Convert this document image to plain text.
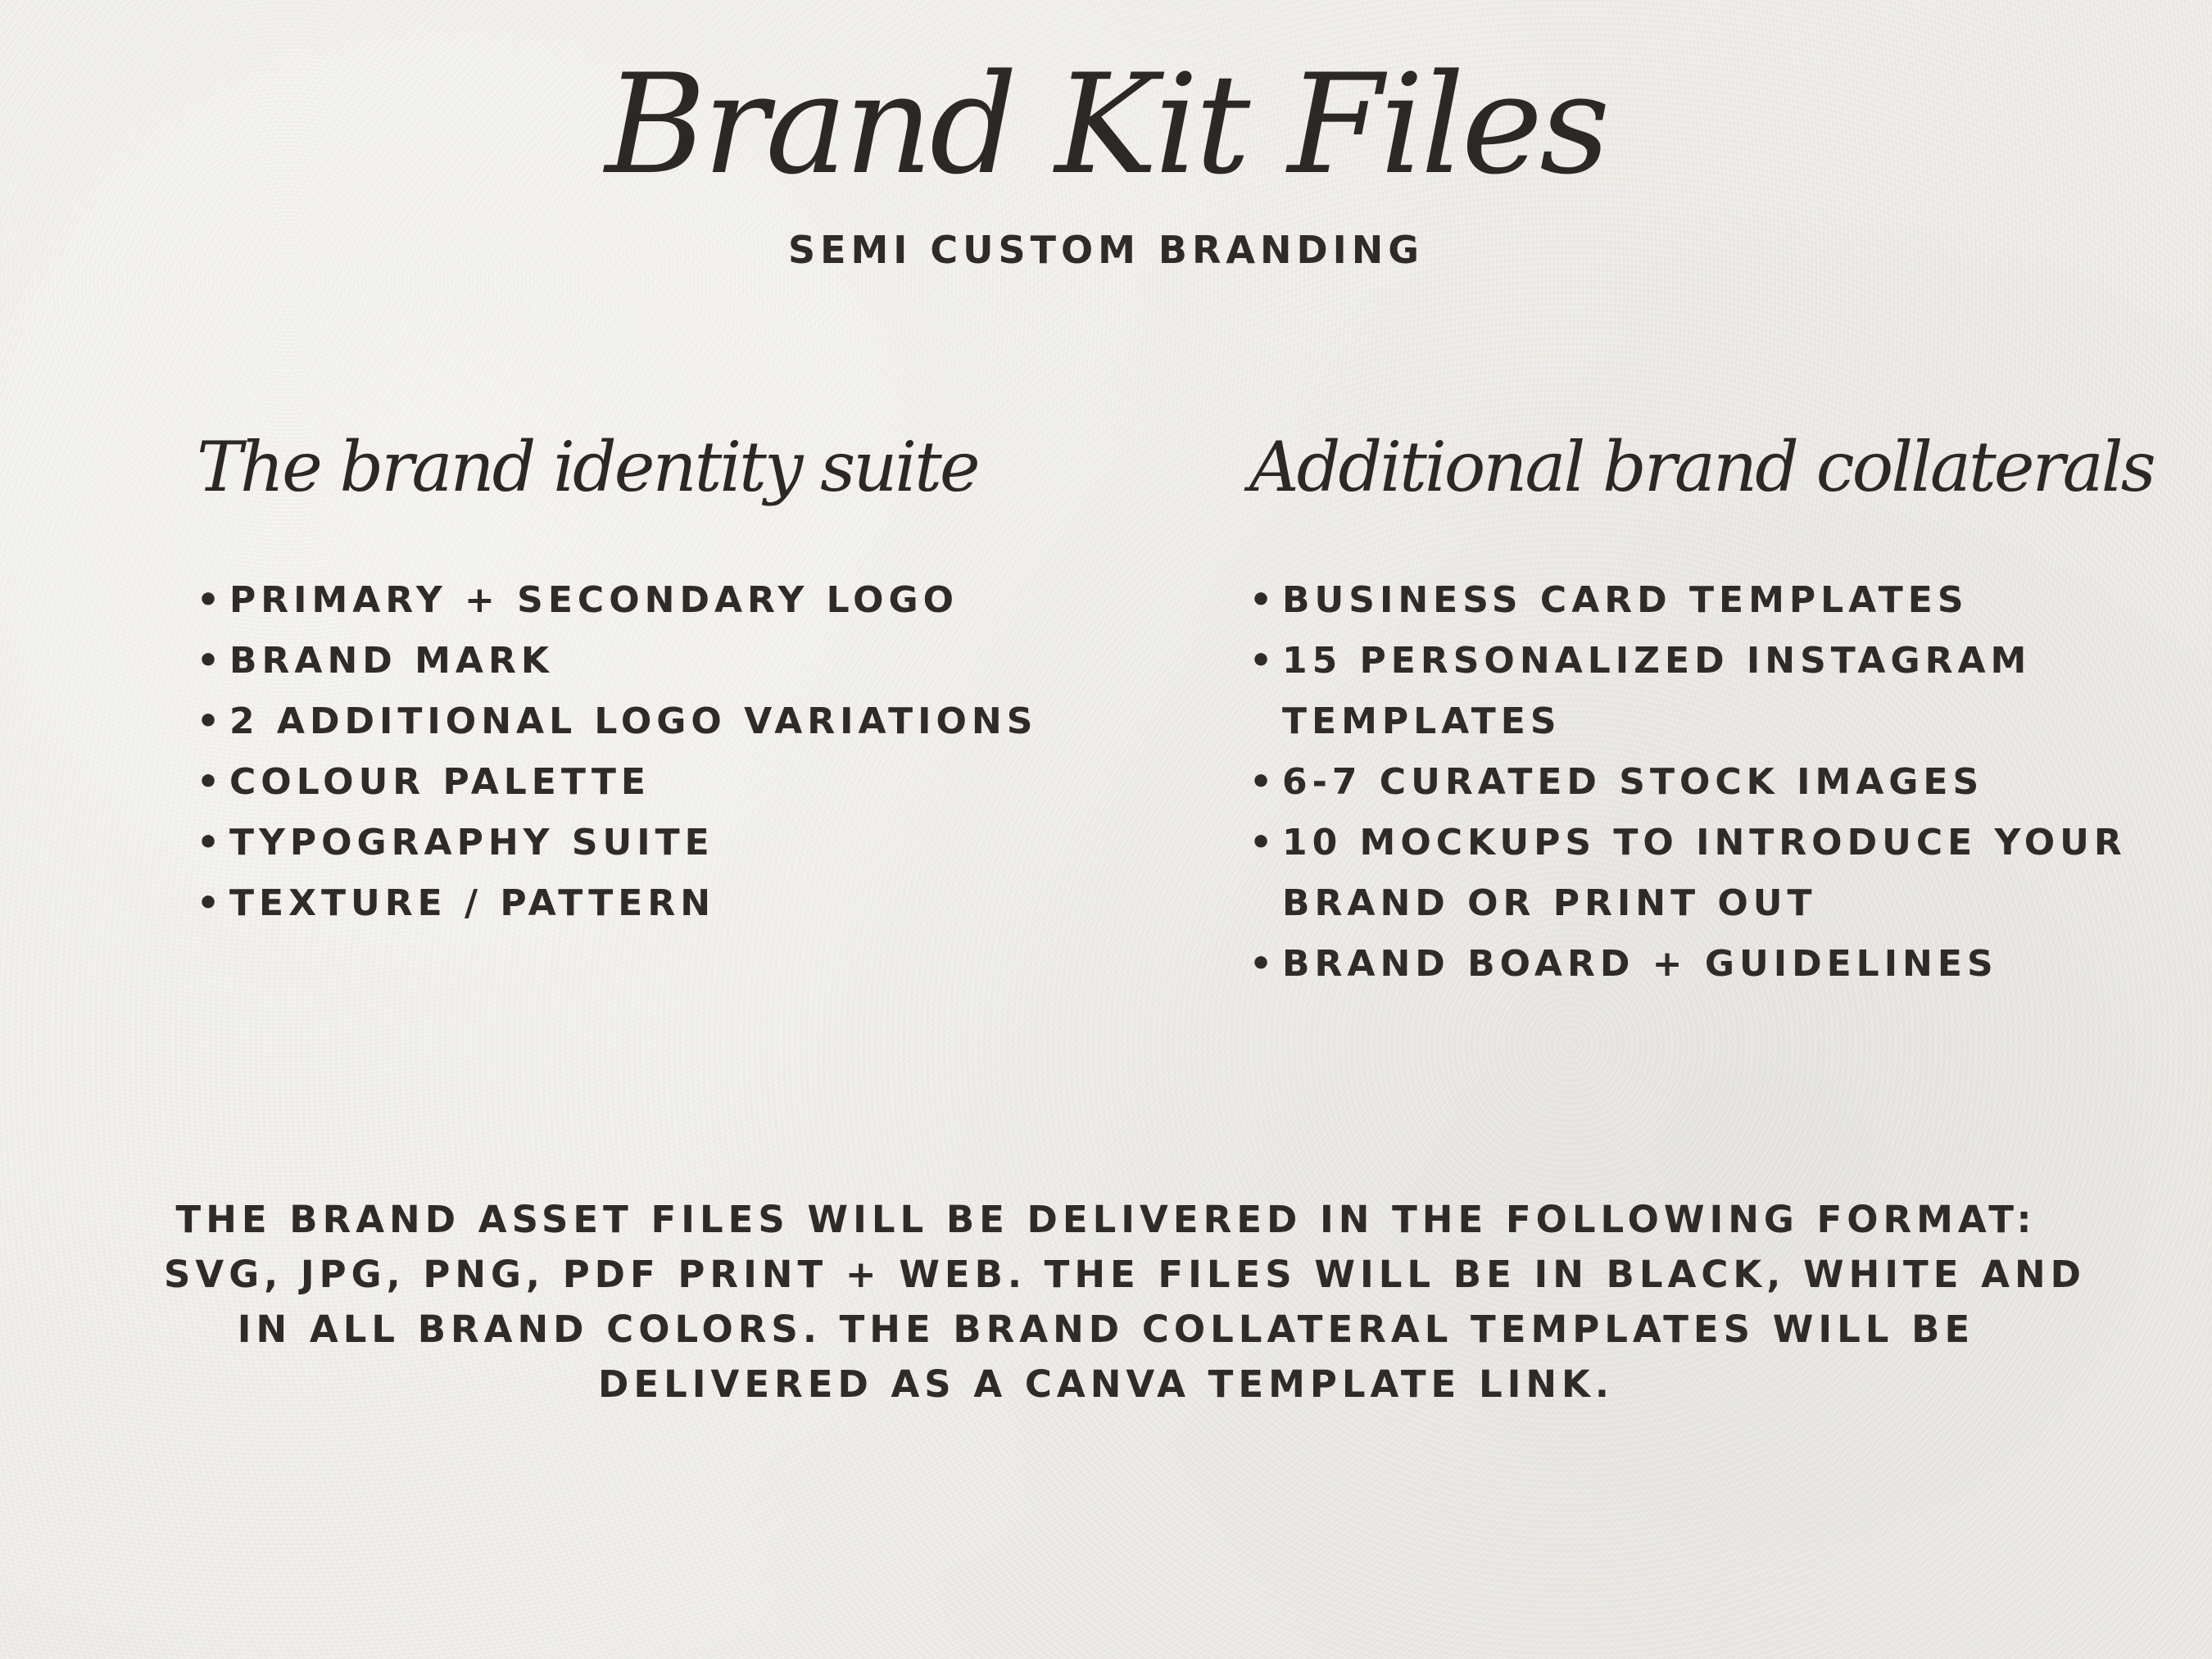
Brand Kit Files
SEMI CUSTOM BRANDING
The brand identity suite
• PRIMARY + SECONDARY LOGO
• BRAND MARK
• 2 ADDITIONAL LOGO VARIATIONS
• COLOUR PALETTE
• TYPOGRAPHY SUITE
• TEXTURE / PATTERN
Additional brand collaterals
• BUSINESS CARD TEMPLATES
• 15 PERSONALIZED INSTAGRAM TEMPLATES
• 6-7 CURATED STOCK IMAGES
• 10 MOCKUPS TO INTRODUCE YOUR BRAND OR PRINT OUT
• BRAND BOARD + GUIDELINES
THE BRAND ASSET FILES WILL BE DELIVERED IN THE FOLLOWING FORMAT:
SVG, JPG, PNG, PDF PRINT + WEB. THE FILES WILL BE IN BLACK, WHITE AND
IN ALL BRAND COLORS. THE BRAND COLLATERAL TEMPLATES WILL BE
DELIVERED AS A CANVA TEMPLATE LINK.
